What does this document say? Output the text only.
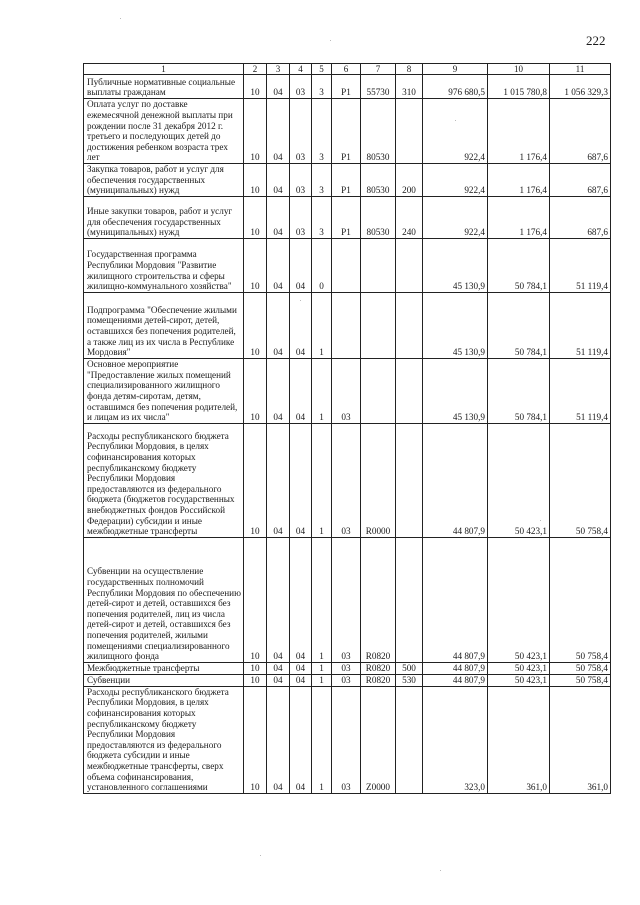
222
1	2	3	4	5	6	7	8	9	10	11
Публичные нормативные социальные выплаты гражданам	10	04	03	3	P1	55730	310	976 680,5	1 015 780,8	1 056 329,3
Оплата услуг по доставке ежемесячной денежной выплаты при рождении после 31 декабря 2012 г. третьего и последующих детей до достижения ребенком возраста трех лет	10	04	03	3	P1	80530		922,4	1 176,4	687,6
Закупка товаров, работ и услуг для обеспечения государственных (муниципальных) нужд	10	04	03	3	P1	80530	200	922,4	1 176,4	687,6
Иные закупки товаров, работ и услуг для обеспечения государственных (муниципальных) нужд	10	04	03	3	P1	80530	240	922,4	1 176,4	687,6
Государственная программа Республики Мордовия "Развитие жилищного строительства и сферы жилищно-коммунального хозяйства"	10	04	04	0				45 130,9	50 784,1	51 119,4
Подпрограмма "Обеспечение жилыми помещениями детей-сирот, детей, оставшихся без попечения родителей, а также лиц из их числа в Республике Мордовия"	10	04	04	1				45 130,9	50 784,1	51 119,4
Основное мероприятие "Предоставление жилых помещений специализированного жилищного фонда детям-сиротам, детям, оставшимся без попечения родителей, и лицам из их числа"	10	04	04	1	03			45 130,9	50 784,1	51 119,4
Расходы республиканского бюджета Республики Мордовия, в целях софинансирования которых республиканскому бюджету Республики Мордовия предоставляются из федерального бюджета (бюджетов государственных внебюджетных фондов Российской Федерации) субсидии и иные межбюджетные трансферты	10	04	04	1	03	R0000		44 807,9	50 423,1	50 758,4
Субвенции на осуществление государственных полномочий Республики Мордовия по обеспечению детей-сирот и детей, оставшихся без попечения родителей, лиц из числа детей-сирот и детей, оставшихся без попечения родителей, жилыми помещениями специализированного жилищного фонда	10	04	04	1	03	R0820		44 807,9	50 423,1	50 758,4
Межбюджетные трансферты	10	04	04	1	03	R0820	500	44 807,9	50 423,1	50 758,4
Субвенции	10	04	04	1	03	R0820	530	44 807,9	50 423,1	50 758,4
Расходы республиканского бюджета Республики Мордовия, в целях софинансирования которых республиканскому бюджету Республики Мордовия предоставляются из федерального бюджета субсидии и иные межбюджетные трансферты, сверх объема софинансирования, установленного соглашениями	10	04	04	1	03	Z0000		323,0	361,0	361,0
